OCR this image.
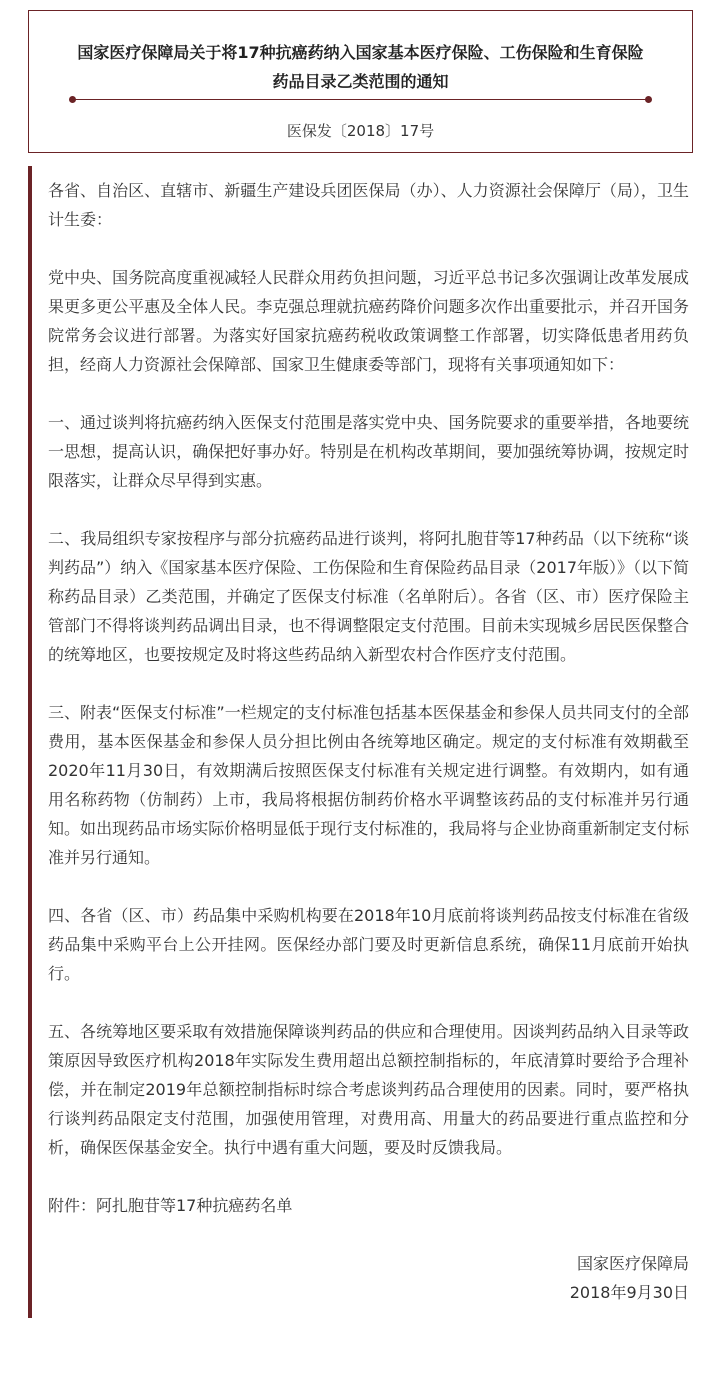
国家医疗保障局关于将17种抗癌药纳入国家基本医疗保险、工伤保险和生育保险
药品目录乙类范围的通知
医保发〔2018〕17号

各省、自治区、直辖市、新疆生产建设兵团医保局（办）、人力资源社会保障厅（局），卫生计生委：

党中央、国务院高度重视减轻人民群众用药负担问题，习近平总书记多次强调让改革发展成果更多更公平惠及全体人民。李克强总理就抗癌药降价问题多次作出重要批示，并召开国务院常务会议进行部署。为落实好国家抗癌药税收政策调整工作部署，切实降低患者用药负担，经商人力资源社会保障部、国家卫生健康委等部门，现将有关事项通知如下：

一、通过谈判将抗癌药纳入医保支付范围是落实党中央、国务院要求的重要举措，各地要统一思想，提高认识，确保把好事办好。特别是在机构改革期间，要加强统筹协调，按规定时限落实，让群众尽早得到实惠。

二、我局组织专家按程序与部分抗癌药品进行谈判，将阿扎胞苷等17种药品（以下统称“谈判药品”）纳入《国家基本医疗保险、工伤保险和生育保险药品目录（2017年版）》（以下简称药品目录）乙类范围，并确定了医保支付标准（名单附后）。各省（区、市）医疗保险主管部门不得将谈判药品调出目录，也不得调整限定支付范围。目前未实现城乡居民医保整合的统筹地区，也要按规定及时将这些药品纳入新型农村合作医疗支付范围。

三、附表“医保支付标准”一栏规定的支付标准包括基本医保基金和参保人员共同支付的全部费用，基本医保基金和参保人员分担比例由各统筹地区确定。规定的支付标准有效期截至2020年11月30日，有效期满后按照医保支付标准有关规定进行调整。有效期内，如有通用名称药物（仿制药）上市，我局将根据仿制药价格水平调整该药品的支付标准并另行通知。如出现药品市场实际价格明显低于现行支付标准的，我局将与企业协商重新制定支付标准并另行通知。

四、各省（区、市）药品集中采购机构要在2018年10月底前将谈判药品按支付标准在省级药品集中采购平台上公开挂网。医保经办部门要及时更新信息系统，确保11月底前开始执行。

五、各统筹地区要采取有效措施保障谈判药品的供应和合理使用。因谈判药品纳入目录等政策原因导致医疗机构2018年实际发生费用超出总额控制指标的，年底清算时要给予合理补偿，并在制定2019年总额控制指标时综合考虑谈判药品合理使用的因素。同时，要严格执行谈判药品限定支付范围，加强使用管理，对费用高、用量大的药品要进行重点监控和分析，确保医保基金安全。执行中遇有重大问题，要及时反馈我局。

附件：阿扎胞苷等17种抗癌药名单

国家医疗保障局

2018年9月30日
